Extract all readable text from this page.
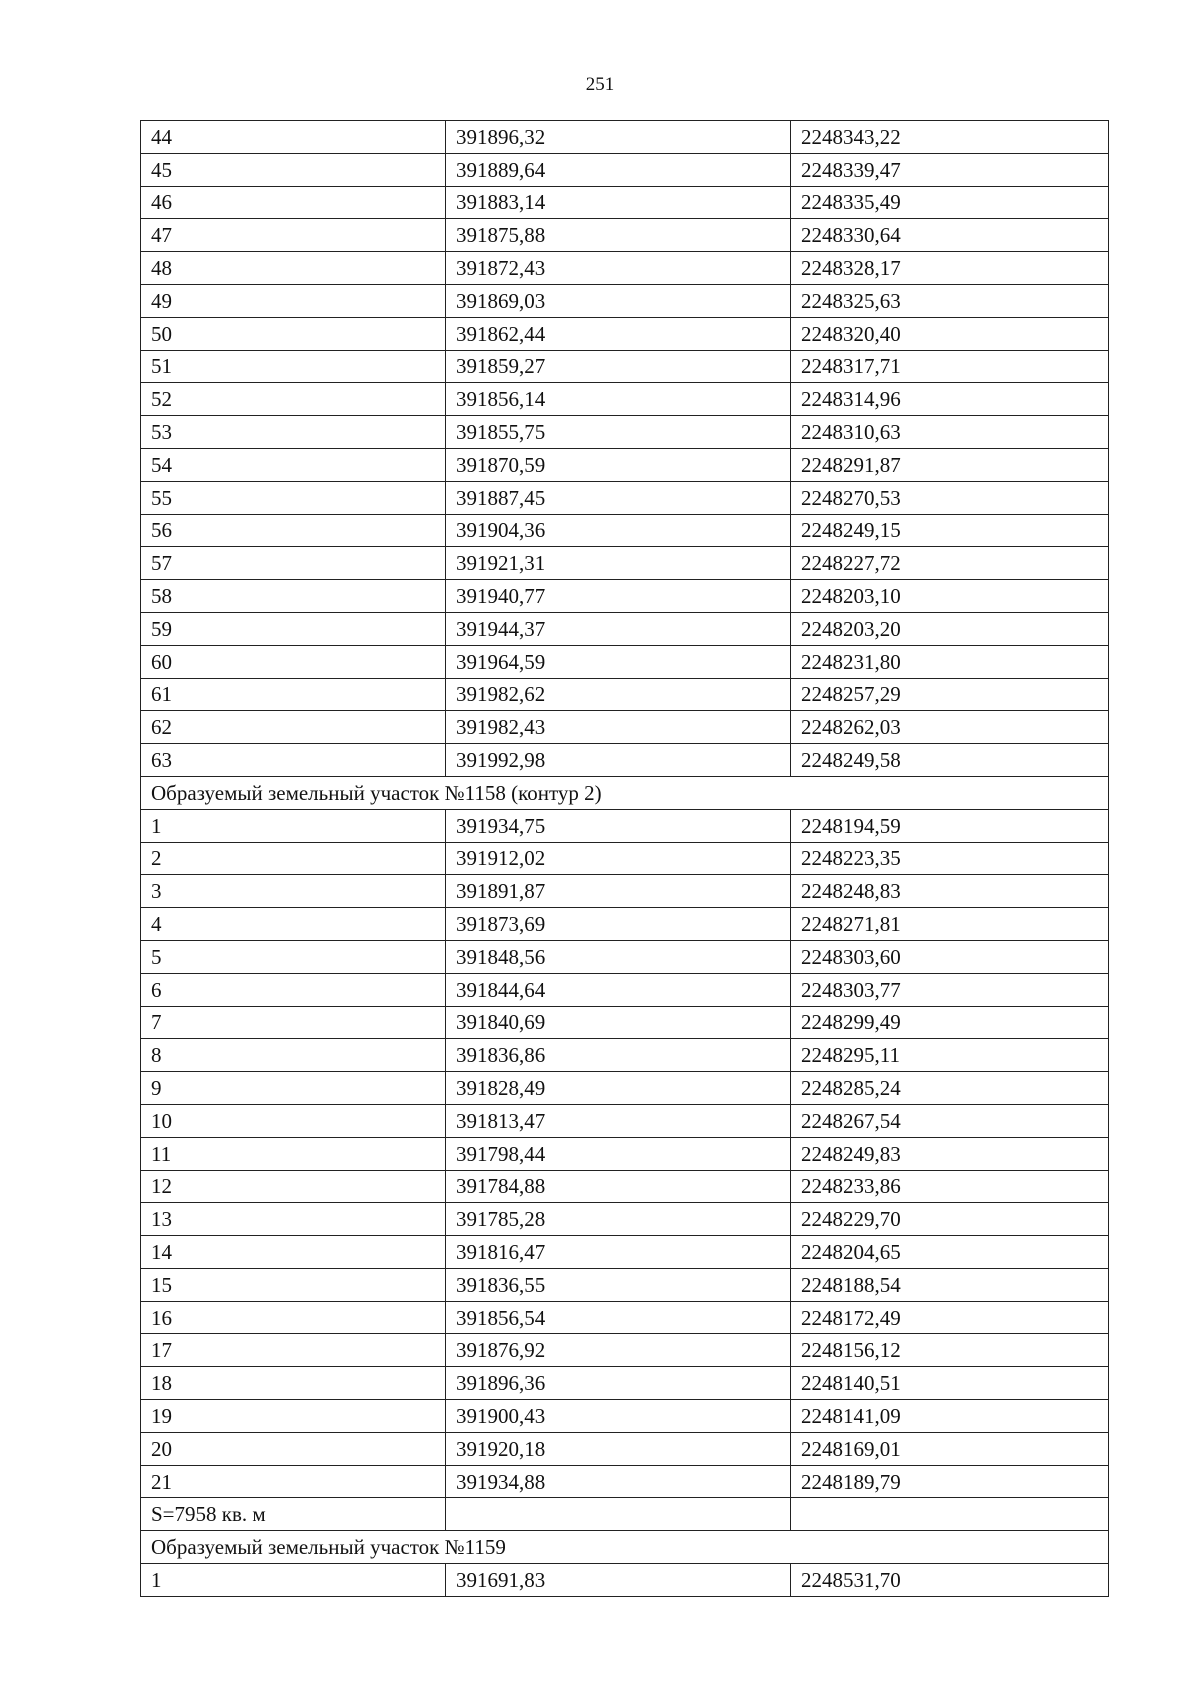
251
44	391896,32	2248343,22
45	391889,64	2248339,47
46	391883,14	2248335,49
47	391875,88	2248330,64
48	391872,43	2248328,17
49	391869,03	2248325,63
50	391862,44	2248320,40
51	391859,27	2248317,71
52	391856,14	2248314,96
53	391855,75	2248310,63
54	391870,59	2248291,87
55	391887,45	2248270,53
56	391904,36	2248249,15
57	391921,31	2248227,72
58	391940,77	2248203,10
59	391944,37	2248203,20
60	391964,59	2248231,80
61	391982,62	2248257,29
62	391982,43	2248262,03
63	391992,98	2248249,58
Образуемый земельный участок №1158 (контур 2)		
1	391934,75	2248194,59
2	391912,02	2248223,35
3	391891,87	2248248,83
4	391873,69	2248271,81
5	391848,56	2248303,60
6	391844,64	2248303,77
7	391840,69	2248299,49
8	391836,86	2248295,11
9	391828,49	2248285,24
10	391813,47	2248267,54
11	391798,44	2248249,83
12	391784,88	2248233,86
13	391785,28	2248229,70
14	391816,47	2248204,65
15	391836,55	2248188,54
16	391856,54	2248172,49
17	391876,92	2248156,12
18	391896,36	2248140,51
19	391900,43	2248141,09
20	391920,18	2248169,01
21	391934,88	2248189,79
S=7958 кв. м		
Образуемый земельный участок №1159		
1	391691,83	2248531,70
